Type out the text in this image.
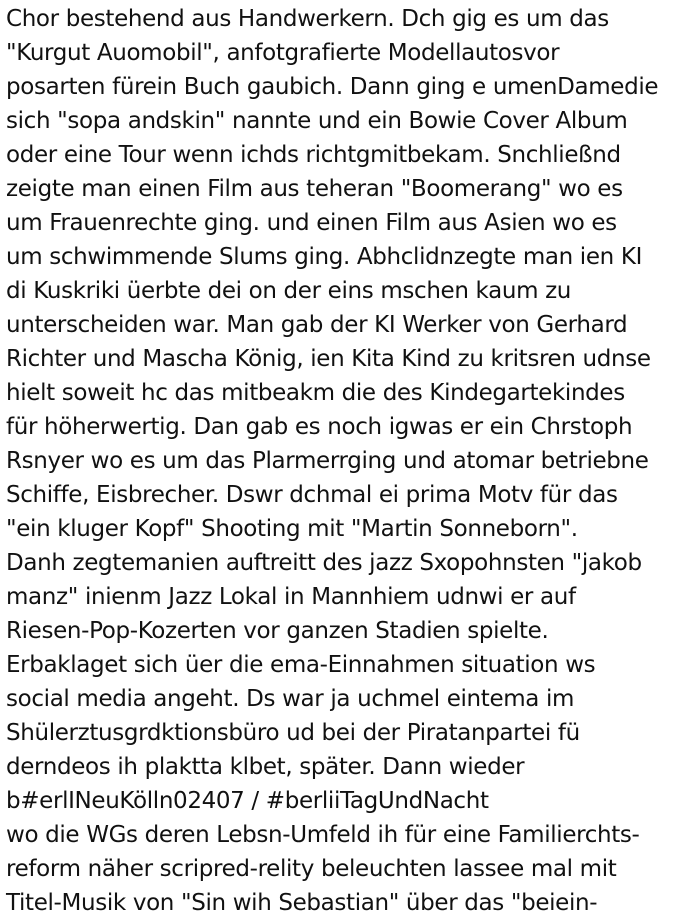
Chor bestehend aus Handwerkern. Dch gig es um das
"Kurgut Auomobil", anfotgrafierte Modellautosvor
posarten fürein Buch gaubich. Dann ging e umenDamedie
sich "sopa andskin" nannte und ein Bowie Cover Album
oder eine Tour wenn ichds richtgmitbekam. Snchließnd
zeigte man einen Film aus teheran "Boomerang" wo es
um Frauenrechte ging. und einen Film aus Asien wo es
um schwimmende Slums ging. Abhclidnzegte man ien KI
di Kuskriki üerbte dei on der eins mschen kaum zu
unterscheiden war. Man gab der KI Werker von Gerhard
Richter und Mascha König, ien Kita Kind zu kritsren udnse
hielt soweit hc das mitbeakm die des Kindegartekindes
für höherwertig. Dan gab es noch igwas er ein Chrstoph
Rsnyer wo es um das Plarmerrging und atomar betriebne
Schiffe, Eisbrecher. Dswr dchmal ei prima Motv für das
"ein kluger Kopf" Shooting mit "Martin Sonneborn".
Danh zegtemanien auftreitt des jazz Sxopohnsten "jakob
manz" inienm Jazz Lokal in Mannhiem udnwi er auf
Riesen-Pop-Kozerten vor ganzen Stadien spielte.
Erbaklaget sich üer die ema-Einnahmen situation ws
social media angeht. Ds war ja uchmel eintema im
Shülerztusgrdktionsbüro ud bei der Piratanpartei fü
derndeos ih plaktta klbet, später. Dann wieder
b#erlINeuKölln02407 / #berliiTagUndNacht
wo die WGs deren Lebsn-Umfeld ih für eine Familierchts-
reform näher scripred-relity beleuchten lassee mal mit
Titel-Musik von "Sin wih Sebastian" über das "beiein-
